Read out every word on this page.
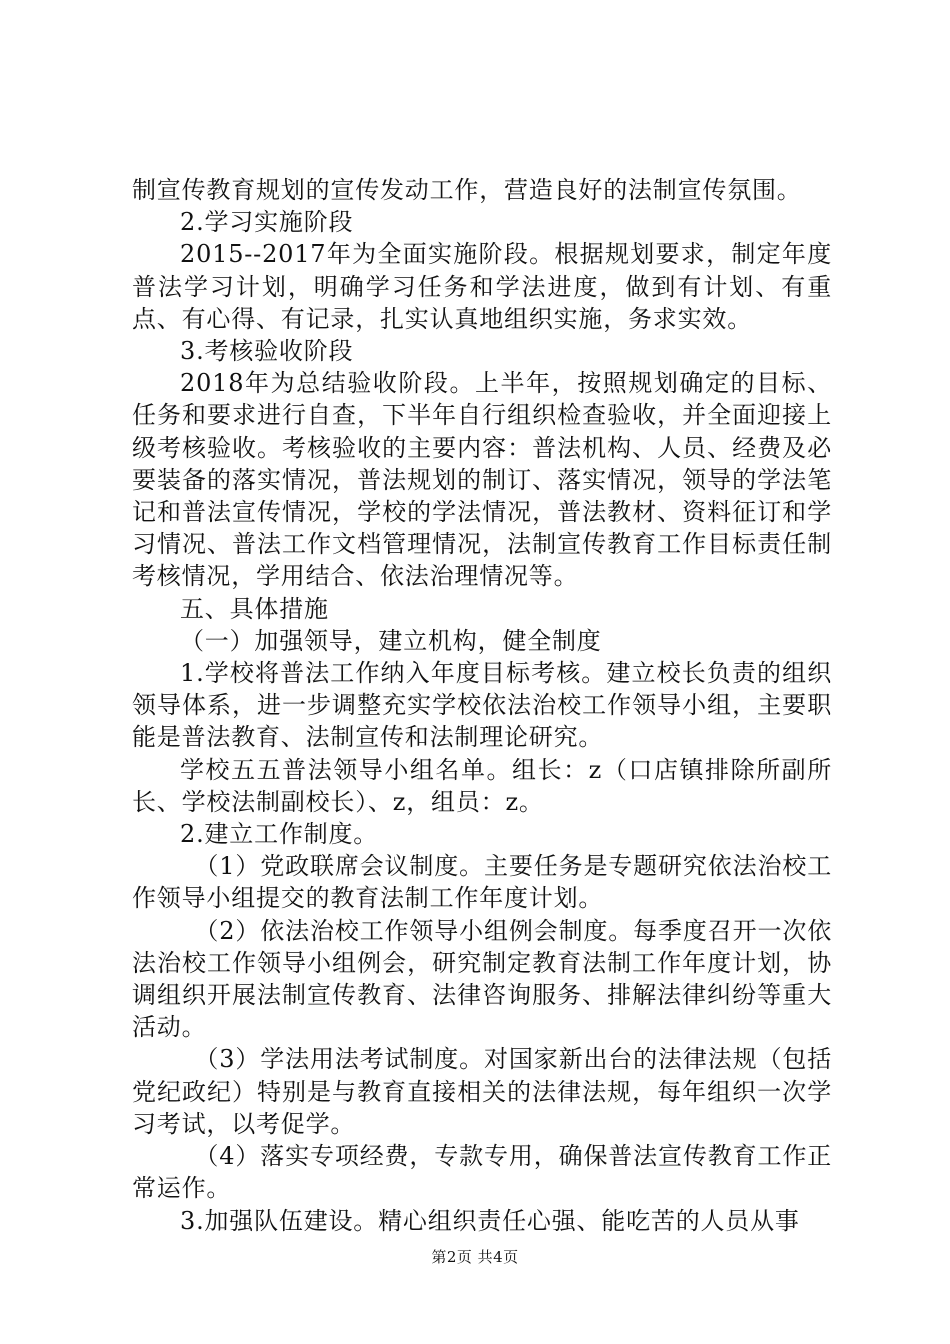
制宣传教育规划的宣传发动工作，营造良好的法制宣传氛围。

2.学习实施阶段

2015--2017年为全面实施阶段。根据规划要求，制定年度普法学习计划，明确学习任务和学法进度，做到有计划、有重点、有心得、有记录，扎实认真地组织实施，务求实效。

3.考核验收阶段

2018年为总结验收阶段。上半年，按照规划确定的目标、任务和要求进行自查，下半年自行组织检查验收，并全面迎接上级考核验收。考核验收的主要内容：普法机构、人员、经费及必要装备的落实情况，普法规划的制订、落实情况，领导的学法笔记和普法宣传情况，学校的学法情况，普法教材、资料征订和学习情况、普法工作文档管理情况，法制宣传教育工作目标责任制考核情况，学用结合、依法治理情况等。

五、具体措施

（一）加强领导，建立机构，健全制度

1.学校将普法工作纳入年度目标考核。建立校长负责的组织领导体系，进一步调整充实学校依法治校工作领导小组，主要职能是普法教育、法制宣传和法制理论研究。

学校五五普法领导小组名单。组长：z（口店镇排除所副所长、学校法制副校长）、z，组员：z。

2.建立工作制度。

（1）党政联席会议制度。主要任务是专题研究依法治校工作领导小组提交的教育法制工作年度计划。

（2）依法治校工作领导小组例会制度。每季度召开一次依法治校工作领导小组例会，研究制定教育法制工作年度计划，协调组织开展法制宣传教育、法律咨询服务、排解法律纠纷等重大活动。

（3）学法用法考试制度。对国家新出台的法律法规（包括党纪政纪）特别是与教育直接相关的法律法规，每年组织一次学习考试，以考促学。

（4）落实专项经费，专款专用，确保普法宣传教育工作正常运作。

3.加强队伍建设。精心组织责任心强、能吃苦的人员从事

第2页 共4页
